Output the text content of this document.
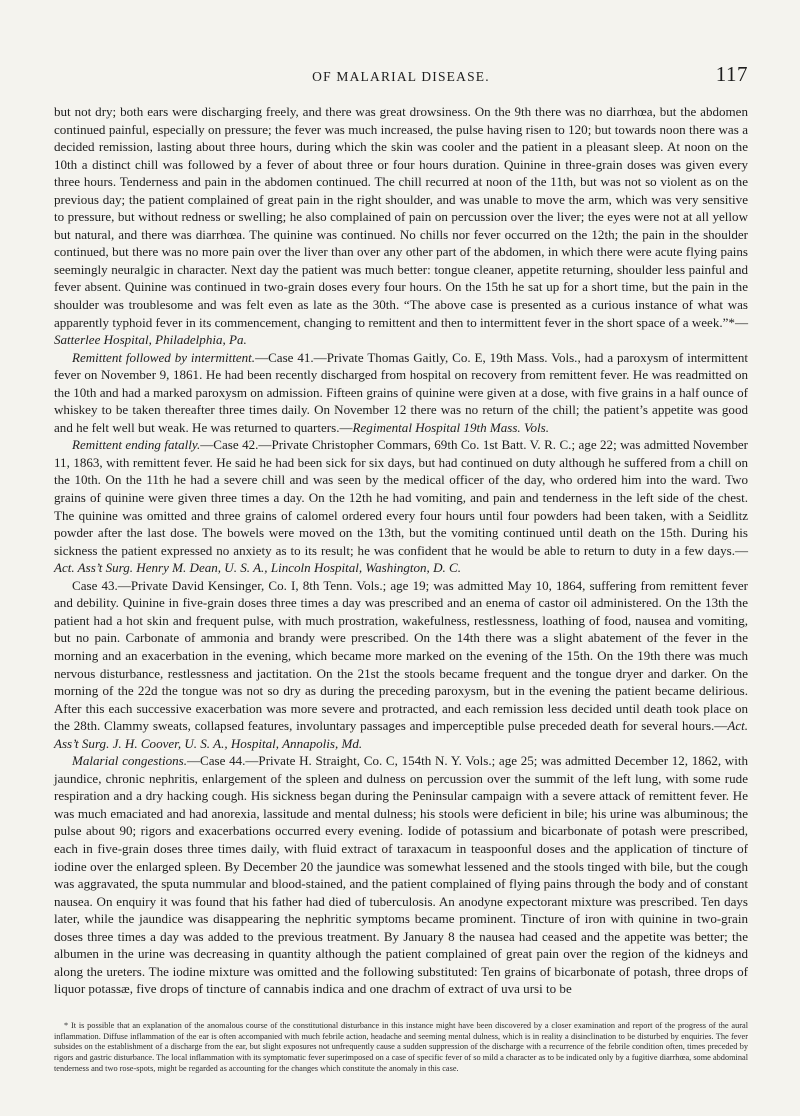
OF MALARIAL DISEASE.	117

but not dry; both ears were discharging freely, and there was great drowsiness. On the 9th there was no diarrhœa, but the abdomen continued painful, especially on pressure; the fever was much increased, the pulse having risen to 120; but towards noon there was a decided remission, lasting about three hours, during which the skin was cooler and the patient in a pleasant sleep. At noon on the 10th a distinct chill was followed by a fever of about three or four hours duration. Quinine in three-grain doses was given every three hours. Tenderness and pain in the abdomen continued. The chill recurred at noon of the 11th, but was not so violent as on the previous day; the patient complained of great pain in the right shoulder, and was unable to move the arm, which was very sensitive to pressure, but without redness or swelling; he also complained of pain on percussion over the liver; the eyes were not at all yellow but natural, and there was diarrhœa. The quinine was continued. No chills nor fever occurred on the 12th; the pain in the shoulder continued, but there was no more pain over the liver than over any other part of the abdomen, in which there were acute flying pains seemingly neuralgic in character. Next day the patient was much better: tongue cleaner, appetite returning, shoulder less painful and fever absent. Quinine was continued in two-grain doses every four hours. On the 15th he sat up for a short time, but the pain in the shoulder was troublesome and was felt even as late as the 30th. “The above case is presented as a curious instance of what was apparently typhoid fever in its commencement, changing to remittent and then to intermittent fever in the short space of a week.”*—Satterlee Hospital, Philadelphia, Pa.

Remittent followed by intermittent.—Case 41.—Private Thomas Gaitly, Co. E, 19th Mass. Vols., had a paroxysm of intermittent fever on November 9, 1861. He had been recently discharged from hospital on recovery from remittent fever. He was readmitted on the 10th and had a marked paroxysm on admission. Fifteen grains of quinine were given at a dose, with five grains in a half ounce of whiskey to be taken thereafter three times daily. On November 12 there was no return of the chill; the patient’s appetite was good and he felt well but weak. He was returned to quarters.—Regimental Hospital 19th Mass. Vols.

Remittent ending fatally.—Case 42.—Private Christopher Commars, 69th Co. 1st Batt. V. R. C.; age 22; was admitted November 11, 1863, with remittent fever. He said he had been sick for six days, but had continued on duty although he suffered from a chill on the 10th. On the 11th he had a severe chill and was seen by the medical officer of the day, who ordered him into the ward. Two grains of quinine were given three times a day. On the 12th he had vomiting, and pain and tenderness in the left side of the chest. The quinine was omitted and three grains of calomel ordered every four hours until four powders had been taken, with a Seidlitz powder after the last dose. The bowels were moved on the 13th, but the vomiting continued until death on the 15th. During his sickness the patient expressed no anxiety as to its result; he was confident that he would be able to return to duty in a few days.—Act. Ass’t Surg. Henry M. Dean, U. S. A., Lincoln Hospital, Washington, D. C.

Case 43.—Private David Kensinger, Co. I, 8th Tenn. Vols.; age 19; was admitted May 10, 1864, suffering from remittent fever and debility. Quinine in five-grain doses three times a day was prescribed and an enema of castor oil administered. On the 13th the patient had a hot skin and frequent pulse, with much prostration, wakefulness, restlessness, loathing of food, nausea and vomiting, but no pain. Carbonate of ammonia and brandy were prescribed. On the 14th there was a slight abatement of the fever in the morning and an exacerbation in the evening, which became more marked on the evening of the 15th. On the 19th there was much nervous disturbance, restlessness and jactitation. On the 21st the stools became frequent and the tongue dryer and darker. On the morning of the 22d the tongue was not so dry as during the preceding paroxysm, but in the evening the patient became delirious. After this each successive exacerbation was more severe and protracted, and each remission less decided until death took place on the 28th. Clammy sweats, collapsed features, involuntary passages and imperceptible pulse preceded death for several hours.—Act. Ass’t Surg. J. H. Coover, U. S. A., Hospital, Annapolis, Md.

Malarial congestions.—Case 44.—Private H. Straight, Co. C, 154th N. Y. Vols.; age 25; was admitted December 12, 1862, with jaundice, chronic nephritis, enlargement of the spleen and dulness on percussion over the summit of the left lung, with some rude respiration and a dry hacking cough. His sickness began during the Peninsular campaign with a severe attack of remittent fever. He was much emaciated and had anorexia, lassitude and mental dulness; his stools were deficient in bile; his urine was albuminous; the pulse about 90; rigors and exacerbations occurred every evening. Iodide of potassium and bicarbonate of potash were prescribed, each in five-grain doses three times daily, with fluid extract of taraxacum in teaspoonful doses and the application of tincture of iodine over the enlarged spleen. By December 20 the jaundice was somewhat lessened and the stools tinged with bile, but the cough was aggravated, the sputa nummular and blood-stained, and the patient complained of flying pains through the body and of constant nausea. On enquiry it was found that his father had died of tuberculosis. An anodyne expectorant mixture was prescribed. Ten days later, while the jaundice was disappearing the nephritic symptoms became prominent. Tincture of iron with quinine in two-grain doses three times a day was added to the previous treatment. By January 8 the nausea had ceased and the appetite was better; the albumen in the urine was decreasing in quantity although the patient complained of great pain over the region of the kidneys and along the ureters. The iodine mixture was omitted and the following substituted: Ten grains of bicarbonate of potash, three drops of liquor potassæ, five drops of tincture of cannabis indica and one drachm of extract of uva ursi to be

* It is possible that an explanation of the anomalous course of the constitutional disturbance in this instance might have been discovered by a closer examination and report of the progress of the aural inflammation. Diffuse inflammation of the ear is often accompanied with much febrile action, headache and seeming mental dulness, which is in reality a disinclination to be disturbed by enquiries. The fever subsides on the establishment of a discharge from the ear, but slight exposures not unfrequently cause a sudden suppression of the discharge with a recurrence of the febrile condition often, times preceded by rigors and gastric disturbance. The local inflammation with its symptomatic fever superimposed on a case of specific fever of so mild a character as to be indicated only by a fugitive diarrhœa, some abdominal tenderness and two rose-spots, might be regarded as accounting for the changes which constitute the anomaly in this case.
